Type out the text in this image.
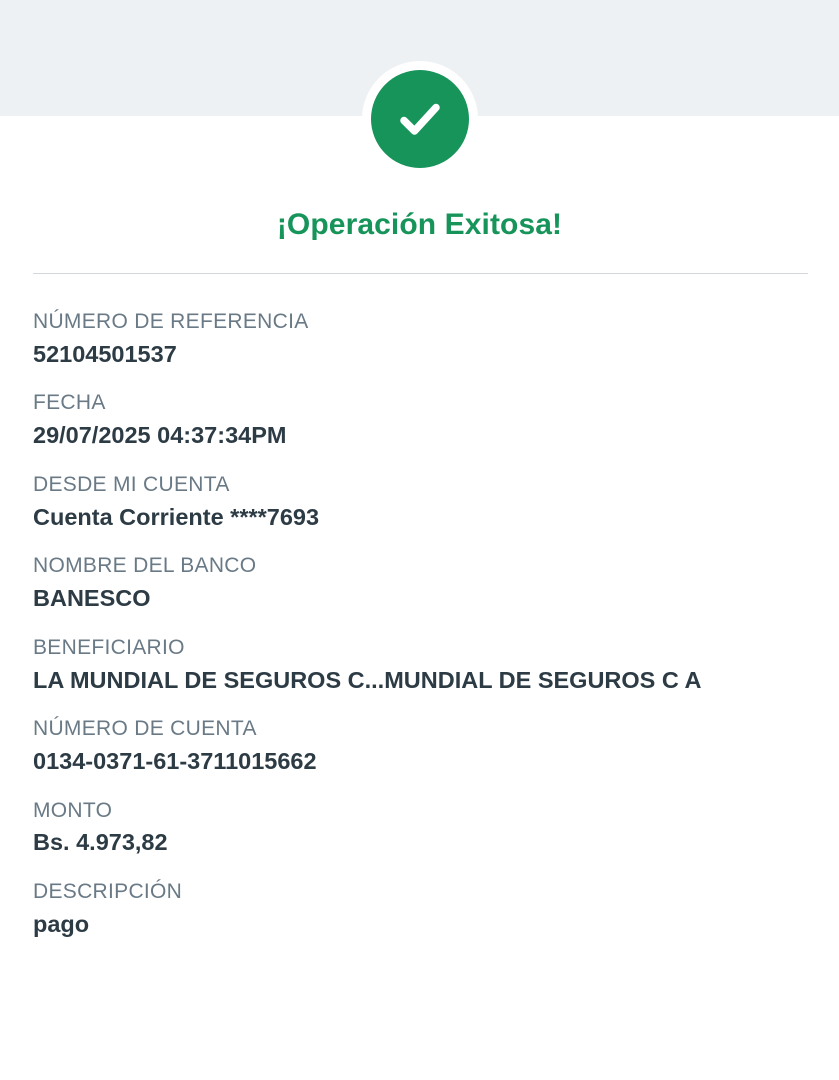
¡Operación Exitosa!
NÚMERO DE REFERENCIA
52104501537
FECHA
29/07/2025 04:37:34PM
DESDE MI CUENTA
Cuenta Corriente ****7693
NOMBRE DEL BANCO
BANESCO
BENEFICIARIO
LA MUNDIAL DE SEGUROS C...MUNDIAL DE SEGUROS C A
NÚMERO DE CUENTA
0134-0371-61-3711015662
MONTO
Bs. 4.973,82
DESCRIPCIÓN
pago
